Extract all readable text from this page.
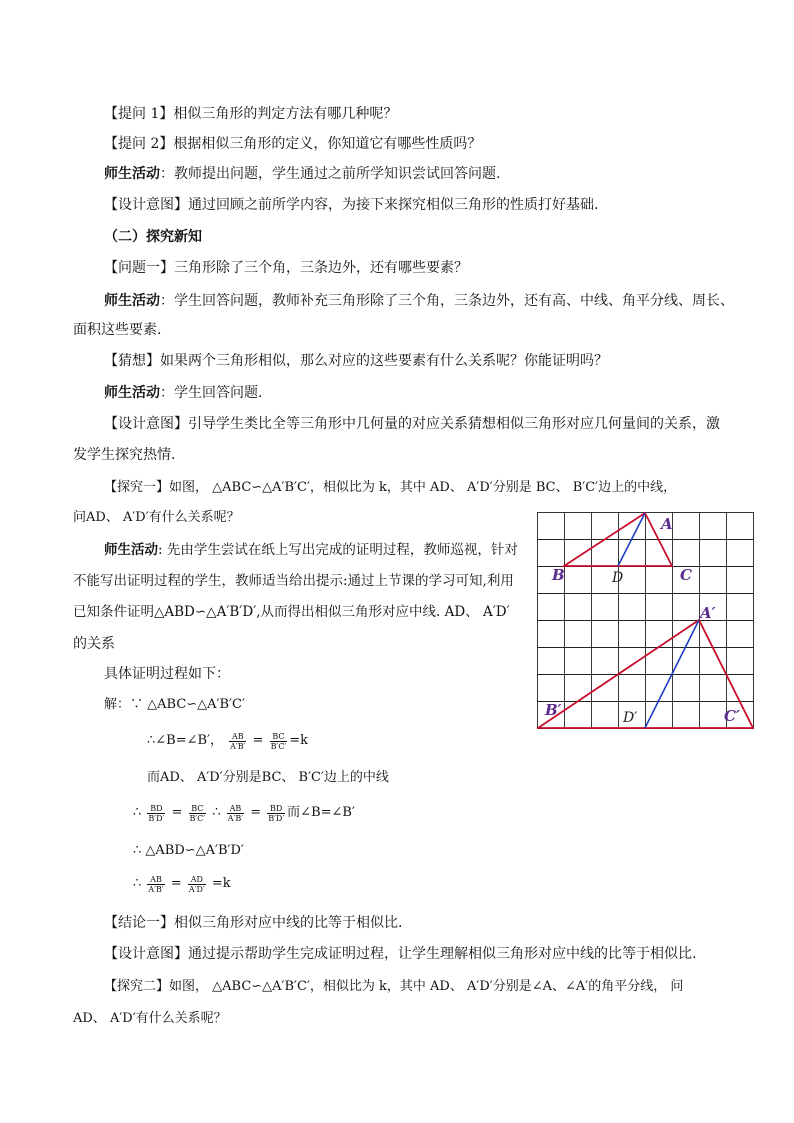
【提问 1】相似三角形的判定方法有哪几种呢？
【提问 2】根据相似三角形的定义，你知道它有哪些性质吗？
师生活动：教师提出问题，学生通过之前所学知识尝试回答问题.
【设计意图】通过回顾之前所学内容，为接下来探究相似三角形的性质打好基础.
（二）探究新知
【问题一】三角形除了三个角，三条边外，还有哪些要素？
师生活动：学生回答问题，教师补充三角形除了三个角，三条边外，还有高、中线、角平分线、周长、
面积这些要素.
【猜想】如果两个三角形相似，那么对应的这些要素有什么关系呢？你能证明吗？
师生活动：学生回答问题.
【设计意图】引导学生类比全等三角形中几何量的对应关系猜想相似三角形对应几何量间的关系，激
发学生探究热情.
【探究一】如图， △ABC∽△A′B′C′，相似比为 k，其中 AD、 A′D′分别是 BC、 B′C′边上的中线，
问AD、 A′D′有什么关系呢？
师生活动: 先由学生尝试在纸上写出完成的证明过程，教师巡视，针对
不能写出证明过程的学生，教师适当给出提示:通过上节课的学习可知,利用
已知条件证明△ABD∽△A′B′D′,从而得出相似三角形对应中线. AD、 A′D′
的关系
具体证明过程如下：
解：∵ △ABC∽△A′B′C′
∴∠B=∠B′， $\frac{AB}{A'B'} = \frac{BC}{B'C'} =k$
而AD、 A′D′分别是BC、 B′C′边上的中线
∴ $\frac{BD}{B'D'} = \frac{BC}{B'C'}$ ∴ $\frac{AB}{A'B'} = \frac{BD}{B'D'}$ 而∠B=∠B′
∴ △ABD∽△A′B′D′
∴ $\frac{AB}{A'B'} = \frac{AD}{A'D'} =k$
【结论一】相似三角形对应中线的比等于相似比.
【设计意图】通过提示帮助学生完成证明过程，让学生理解相似三角形对应中线的比等于相似比.
【探究二】如图， △ABC∽△A′B′C′，相似比为 k，其中 AD、 A′D′分别是∠A、∠A′的角平分线， 问
AD、 A′D′有什么关系呢？
A
B	C
D
A′
B′	C′
D′
